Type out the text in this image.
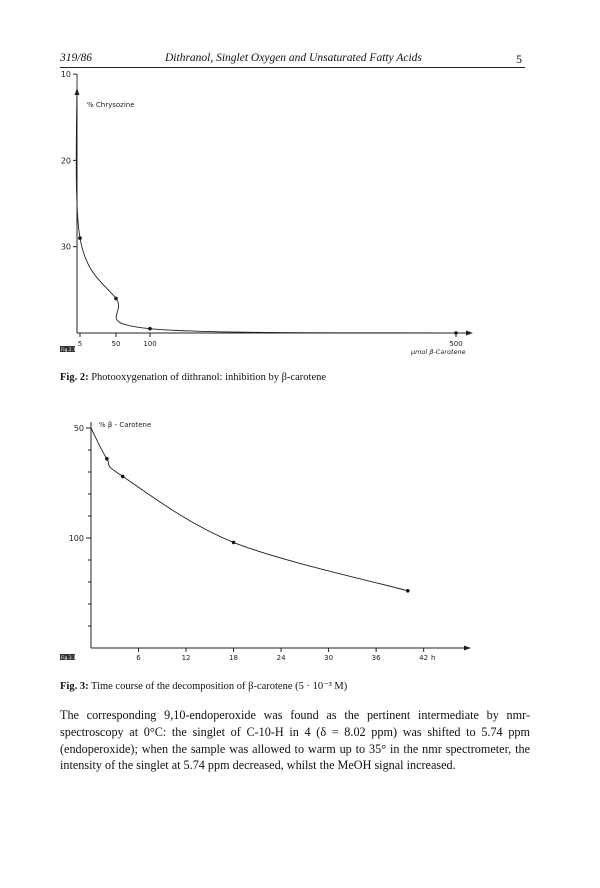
319/86	Dithranol, Singlet Oxygen and Unsaturated Fatty Acids	5
% Chrysozine
µmol β-Carotene
Fig.2.1
30
20
10
5	50	100	500
% β - Carotene
h
Fig.3.1
100
50
6	12	18	24	30	36	42
Fig. 2: Photooxygenation of dithranol: inhibition by β-carotene
Fig. 3: Time course of the decomposition of β-carotene (5 · 10⁻³ M)
The corresponding 9,10-endoperoxide was found as the pertinent intermediate by nmr-spectroscopy at 0°C: the singlet of C-10-H in 4 (δ = 8.02 ppm) was shifted to 5.74 ppm (endoperoxide); when the sample was allowed to warm up to 35° in the nmr spectrometer, the intensity of the singlet at 5.74 ppm decreased, whilst the MeOH signal increased.
